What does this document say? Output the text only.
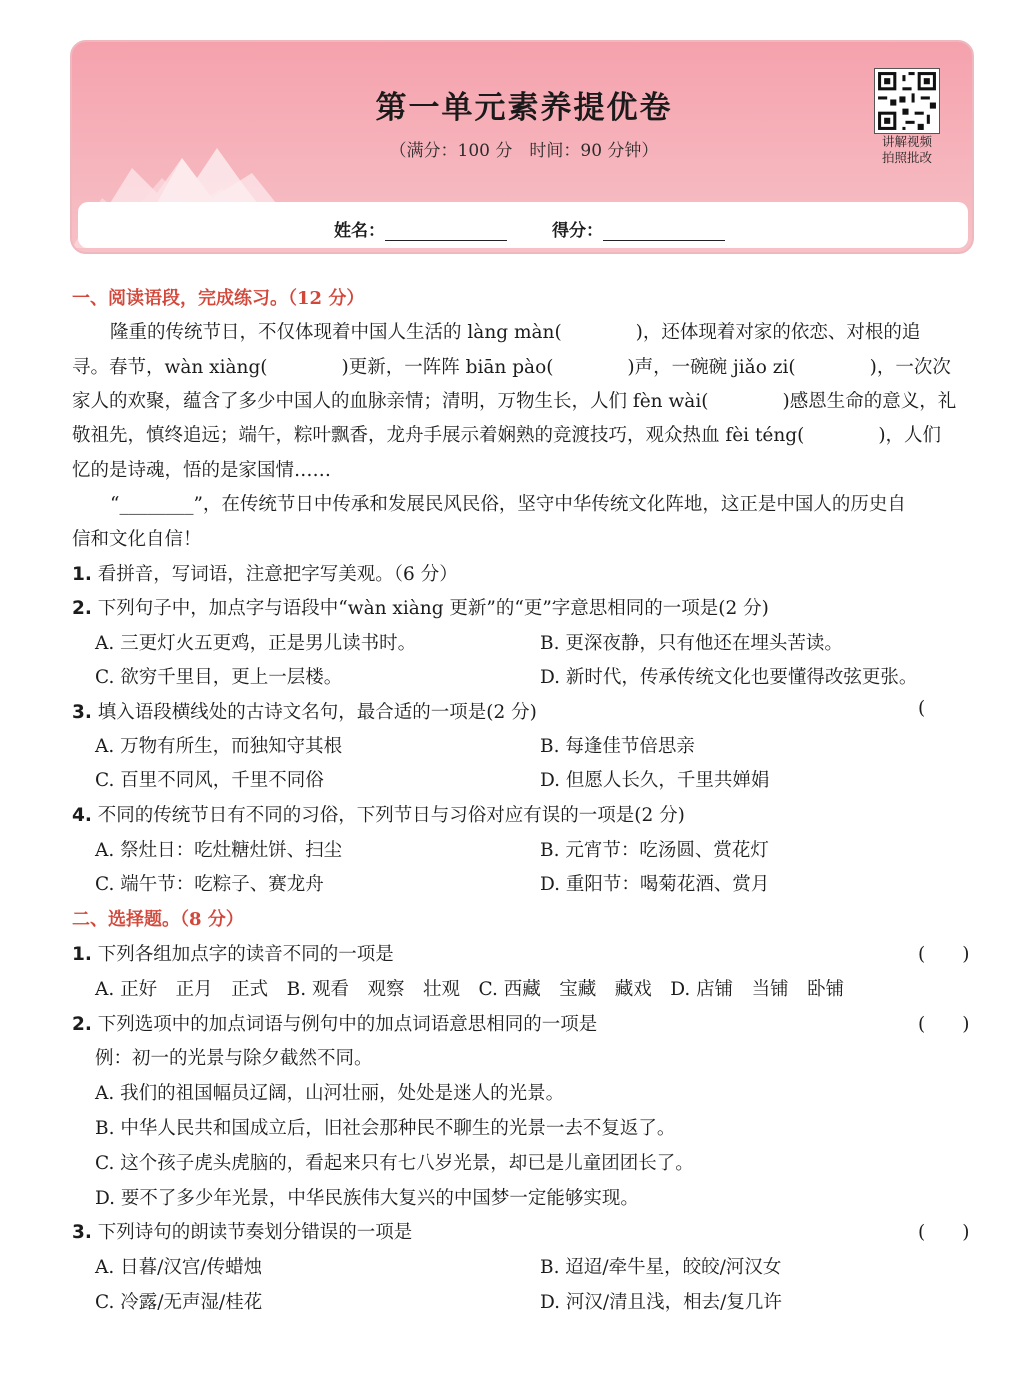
第一单元素养提优卷
（满分：100 分　时间：90 分钟）	讲解视频
拍照批改
姓名：	得分：
一、阅读语段，完成练习。（12 分）
隆重的传统节日，不仅体现着中国人生活的 làng màn(　　　　)，还体现着对家的依恋、对根的追
寻。春节，wàn xiàng(　　　　)更新，一阵阵 biān pào(　　　　)声，一碗碗 jiǎo zi(　　　　)，一次次
家人的欢聚，蕴含了多少中国人的血脉亲情；清明，万物生长，人们 fèn wài(　　　　)感恩生命的意义，礼
敬祖先，慎终追远；端午，粽叶飘香，龙舟手展示着娴熟的竞渡技巧，观众热血 fèi téng(　　　　)，人们
忆的是诗魂，悟的是家国情……
“________”，在传统节日中传承和发展民风民俗，坚守中华传统文化阵地，这正是中国人的历史自
信和文化自信！
1. 看拼音，写词语，注意把字写美观。（6 分）
2. 下列句子中，加点字与语段中“wàn xiàng 更新”的“更”字意思相同的一项是(2 分)
A. 三更灯火五更鸡，正是男儿读书时。	B. 更深夜静，只有他还在埋头苦读。
C. 欲穷千里目，更上一层楼。	D. 新时代，传承传统文化也要懂得改弦更张。
3. 填入语段横线处的古诗文名句，最合适的一项是(2 分)	(
A. 万物有所生，而独知守其根	B. 每逢佳节倍思亲
C. 百里不同风，千里不同俗	D. 但愿人长久，千里共婵娟
4. 不同的传统节日有不同的习俗，下列节日与习俗对应有误的一项是(2 分)
A. 祭灶日：吃灶糖灶饼、扫尘	B. 元宵节：吃汤圆、赏花灯
C. 端午节：吃粽子、赛龙舟	D. 重阳节：喝菊花酒、赏月
二、选择题。（8 分）
1. 下列各组加点字的读音不同的一项是	(　　)
A. 正好　正月　正式　B. 观看　观察　壮观　C. 西藏　宝藏　藏戏　D. 店铺　当铺　卧铺
2. 下列选项中的加点词语与例句中的加点词语意思相同的一项是	(　　)
例：初一的光景与除夕截然不同。
A. 我们的祖国幅员辽阔，山河壮丽，处处是迷人的光景。
B. 中华人民共和国成立后，旧社会那种民不聊生的光景一去不复返了。
C. 这个孩子虎头虎脑的，看起来只有七八岁光景，却已是儿童团团长了。
D. 要不了多少年光景，中华民族伟大复兴的中国梦一定能够实现。
3. 下列诗句的朗读节奏划分错误的一项是	(　　)
A. 日暮/汉宫/传蜡烛	B. 迢迢/牵牛星，皎皎/河汉女
C. 冷露/无声湿/桂花	D. 河汉/清且浅，相去/复几许
